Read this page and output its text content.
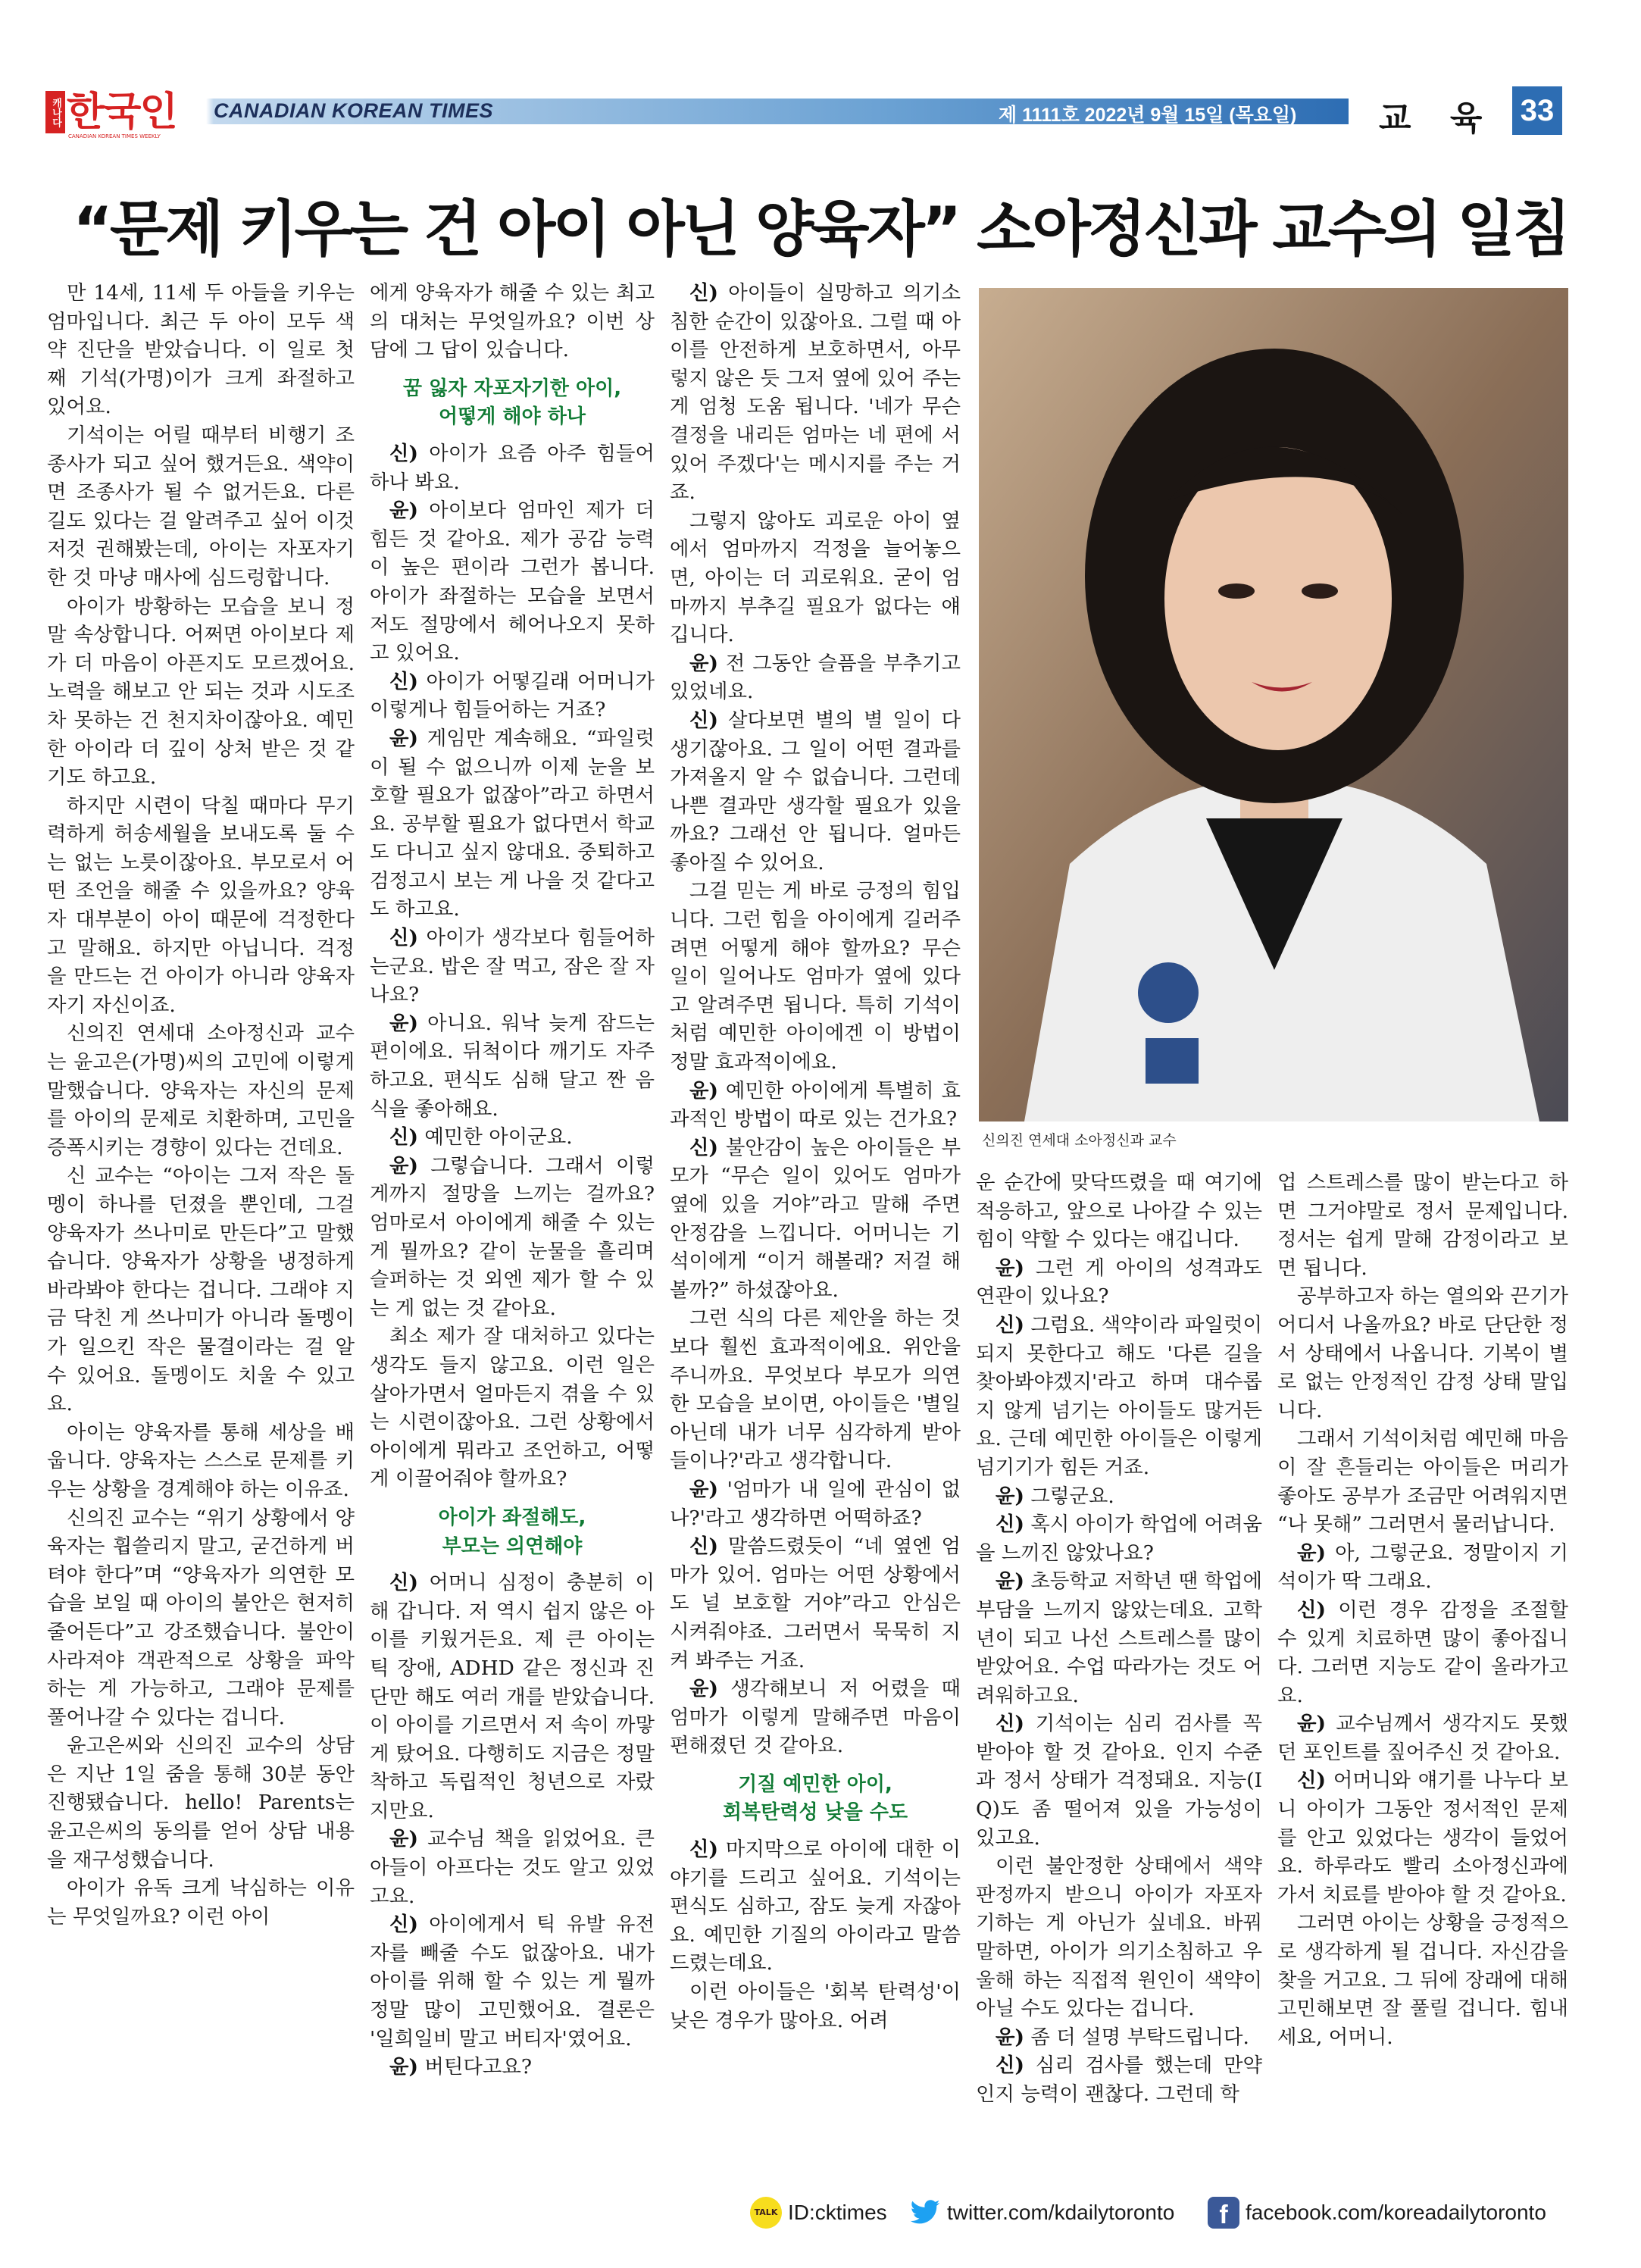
캐나다 한국인
CANADIAN KOREAN TIMES WEEKLY
CANADIAN KOREAN TIMES	제 1111호 2022년 9월 15일 (목요일) 교 육 33
“문제 키우는 건 아이 아닌 양육자” 소아정신과 교수의 일침
신의진 연세대 소아정신과 교수

만 14세, 11세 두 아들을 키우는 엄마입니다. 최근 두 아이 모두 색약 진단을 받았습니다. 이 일로 첫째 기석(가명)이가 크게 좌절하고 있어요.

기석이는 어릴 때부터 비행기 조종사가 되고 싶어 했거든요. 색약이면 조종사가 될 수 없거든요. 다른 길도 있다는 걸 알려주고 싶어 이것저것 권해봤는데, 아이는 자포자기한 것 마냥 매사에 심드렁합니다.

아이가 방황하는 모습을 보니 정말 속상합니다. 어쩌면 아이보다 제가 더 마음이 아픈지도 모르겠어요. 노력을 해보고 안 되는 것과 시도조차 못하는 건 천지차이잖아요. 예민한 아이라 더 깊이 상처 받은 것 같기도 하고요.

하지만 시련이 닥칠 때마다 무기력하게 허송세월을 보내도록 둘 수는 없는 노릇이잖아요. 부모로서 어떤 조언을 해줄 수 있을까요? 양육자 대부분이 아이 때문에 걱정한다고 말해요. 하지만 아닙니다. 걱정을 만드는 건 아이가 아니라 양육자 자기 자신이죠.

신의진 연세대 소아정신과 교수는 윤고은(가명)씨의 고민에 이렇게 말했습니다. 양육자는 자신의 문제를 아이의 문제로 치환하며, 고민을 증폭시키는 경향이 있다는 건데요.

신 교수는 “아이는 그저 작은 돌멩이 하나를 던졌을 뿐인데, 그걸 양육자가 쓰나미로 만든다”고 말했습니다. 양육자가 상황을 냉정하게 바라봐야 한다는 겁니다. 그래야 지금 닥친 게 쓰나미가 아니라 돌멩이가 일으킨 작은 물결이라는 걸 알 수 있어요. 돌멩이도 치울 수 있고요.

아이는 양육자를 통해 세상을 배웁니다. 양육자는 스스로 문제를 키우는 상황을 경계해야 하는 이유죠.

신의진 교수는 “위기 상황에서 양육자는 휩쓸리지 말고, 굳건하게 버텨야 한다”며 “양육자가 의연한 모습을 보일 때 아이의 불안은 현저히 줄어든다”고 강조했습니다. 불안이 사라져야 객관적으로 상황을 파악하는 게 가능하고, 그래야 문제를 풀어나갈 수 있다는 겁니다.

윤고은씨와 신의진 교수의 상담은 지난 1일 줌을 통해 30분 동안 진행됐습니다. hello! Parents는 윤고은씨의 동의를 얻어 상담 내용을 재구성했습니다.

아이가 유독 크게 낙심하는 이유는 무엇일까요? 이런 아이

에게 양육자가 해줄 수 있는 최고의 대처는 무엇일까요? 이번 상담에 그 답이 있습니다.

꿈 잃자 자포자기한 아이,
어떻게 해야 하나

신) 아이가 요즘 아주 힘들어 하나 봐요.

윤) 아이보다 엄마인 제가 더 힘든 것 같아요. 제가 공감 능력이 높은 편이라 그런가 봅니다. 아이가 좌절하는 모습을 보면서 저도 절망에서 헤어나오지 못하고 있어요.

신) 아이가 어떻길래 어머니가 이렇게나 힘들어하는 거죠?

윤) 게임만 계속해요. “파일럿이 될 수 없으니까 이제 눈을 보호할 필요가 없잖아”라고 하면서요. 공부할 필요가 없다면서 학교도 다니고 싶지 않대요. 중퇴하고 검정고시 보는 게 나을 것 같다고도 하고요.

신) 아이가 생각보다 힘들어하는군요. 밥은 잘 먹고, 잠은 잘 자나요?

윤) 아니요. 워낙 늦게 잠드는 편이에요. 뒤척이다 깨기도 자주 하고요. 편식도 심해 달고 짠 음식을 좋아해요.

신) 예민한 아이군요.

윤) 그렇습니다. 그래서 이렇게까지 절망을 느끼는 걸까요? 엄마로서 아이에게 해줄 수 있는 게 뭘까요? 같이 눈물을 흘리며 슬퍼하는 것 외엔 제가 할 수 있는 게 없는 것 같아요.

최소 제가 잘 대처하고 있다는 생각도 들지 않고요. 이런 일은 살아가면서 얼마든지 겪을 수 있는 시련이잖아요. 그런 상황에서 아이에게 뭐라고 조언하고, 어떻게 이끌어줘야 할까요?

아이가 좌절해도,
부모는 의연해야

신) 어머니 심정이 충분히 이해 갑니다. 저 역시 쉽지 않은 아이를 키웠거든요. 제 큰 아이는 틱 장애, ADHD 같은 정신과 진단만 해도 여러 개를 받았습니다. 이 아이를 기르면서 저 속이 까맣게 탔어요. 다행히도 지금은 정말 착하고 독립적인 청년으로 자랐지만요.

윤) 교수님 책을 읽었어요. 큰 아들이 아프다는 것도 알고 있었고요.

신) 아이에게서 틱 유발 유전자를 빼줄 수도 없잖아요. 내가 아이를 위해 할 수 있는 게 뭘까 정말 많이 고민했어요. 결론은 '일희일비 말고 버티자'였어요.

윤) 버틴다고요?

신) 아이들이 실망하고 의기소침한 순간이 있잖아요. 그럴 때 아이를 안전하게 보호하면서, 아무렇지 않은 듯 그저 옆에 있어 주는 게 엄청 도움 됩니다. '네가 무슨 결정을 내리든 엄마는 네 편에 서있어 주겠다'는 메시지를 주는 거죠.

그렇지 않아도 괴로운 아이 옆에서 엄마까지 걱정을 늘어놓으면, 아이는 더 괴로워요. 굳이 엄마까지 부추길 필요가 없다는 얘깁니다.

윤) 전 그동안 슬픔을 부추기고 있었네요.

신) 살다보면 별의 별 일이 다 생기잖아요. 그 일이 어떤 결과를 가져올지 알 수 없습니다. 그런데 나쁜 결과만 생각할 필요가 있을까요? 그래선 안 됩니다. 얼마든 좋아질 수 있어요.

그걸 믿는 게 바로 긍정의 힘입니다. 그런 힘을 아이에게 길러주려면 어떻게 해야 할까요? 무슨 일이 일어나도 엄마가 옆에 있다고 알려주면 됩니다. 특히 기석이처럼 예민한 아이에겐 이 방법이 정말 효과적이에요.

윤) 예민한 아이에게 특별히 효과적인 방법이 따로 있는 건가요?

신) 불안감이 높은 아이들은 부모가 “무슨 일이 있어도 엄마가 옆에 있을 거야”라고 말해 주면 안정감을 느낍니다. 어머니는 기석이에게 “이거 해볼래? 저걸 해볼까?” 하셨잖아요.

그런 식의 다른 제안을 하는 것보다 훨씬 효과적이에요. 위안을 주니까요. 무엇보다 부모가 의연한 모습을 보이면, 아이들은 '별일 아닌데 내가 너무 심각하게 받아들이나?'라고 생각합니다.

윤) '엄마가 내 일에 관심이 없나?'라고 생각하면 어떡하죠?

신) 말씀드렸듯이 “네 옆엔 엄마가 있어. 엄마는 어떤 상황에서도 널 보호할 거야”라고 안심은 시켜줘야죠. 그러면서 묵묵히 지켜 봐주는 거죠.

윤) 생각해보니 저 어렸을 때 엄마가 이렇게 말해주면 마음이 편해졌던 것 같아요.

기질 예민한 아이,
회복탄력성 낮을 수도

신) 마지막으로 아이에 대한 이야기를 드리고 싶어요. 기석이는 편식도 심하고, 잠도 늦게 자잖아요. 예민한 기질의 아이라고 말씀드렸는데요.

이런 아이들은 '회복 탄력성'이 낮은 경우가 많아요. 어려

운 순간에 맞닥뜨렸을 때 여기에 적응하고, 앞으로 나아갈 수 있는 힘이 약할 수 있다는 얘깁니다.

윤) 그런 게 아이의 성격과도 연관이 있나요?

신) 그럼요. 색약이라 파일럿이 되지 못한다고 해도 '다른 길을 찾아봐야겠지'라고 하며 대수롭지 않게 넘기는 아이들도 많거든요. 근데 예민한 아이들은 이렇게 넘기기가 힘든 거죠.

윤) 그렇군요.

신) 혹시 아이가 학업에 어려움을 느끼진 않았나요?

윤) 초등학교 저학년 땐 학업에 부담을 느끼지 않았는데요. 고학년이 되고 나선 스트레스를 많이 받았어요. 수업 따라가는 것도 어려워하고요.

신) 기석이는 심리 검사를 꼭 받아야 할 것 같아요. 인지 수준과 정서 상태가 걱정돼요. 지능(IQ)도 좀 떨어져 있을 가능성이 있고요.

이런 불안정한 상태에서 색약 판정까지 받으니 아이가 자포자기하는 게 아닌가 싶네요. 바꿔 말하면, 아이가 의기소침하고 우울해 하는 직접적 원인이 색약이 아닐 수도 있다는 겁니다.

윤) 좀 더 설명 부탁드립니다.

신) 심리 검사를 했는데 만약 인지 능력이 괜찮다. 그런데 학

업 스트레스를 많이 받는다고 하면 그거야말로 정서 문제입니다. 정서는 쉽게 말해 감정이라고 보면 됩니다.

공부하고자 하는 열의와 끈기가 어디서 나올까요? 바로 단단한 정서 상태에서 나옵니다. 기복이 별로 없는 안정적인 감정 상태 말입니다.

그래서 기석이처럼 예민해 마음이 잘 흔들리는 아이들은 머리가 좋아도 공부가 조금만 어려워지면 “나 못해” 그러면서 물러납니다.

윤) 아, 그렇군요. 정말이지 기석이가 딱 그래요.

신) 이런 경우 감정을 조절할 수 있게 치료하면 많이 좋아집니다. 그러면 지능도 같이 올라가고요.

윤) 교수님께서 생각지도 못했던 포인트를 짚어주신 것 같아요.

신) 어머니와 얘기를 나누다 보니 아이가 그동안 정서적인 문제를 안고 있었다는 생각이 들었어요. 하루라도 빨리 소아정신과에 가서 치료를 받아야 할 것 같아요.

그러면 아이는 상황을 긍정적으로 생각하게 될 겁니다. 자신감을 찾을 거고요. 그 뒤에 장래에 대해 고민해보면 잘 풀릴 겁니다. 힘내세요, 어머니.

TALK ID:cktimes	twitter.com/kdailytoronto	f facebook.com/koreadailytoronto
